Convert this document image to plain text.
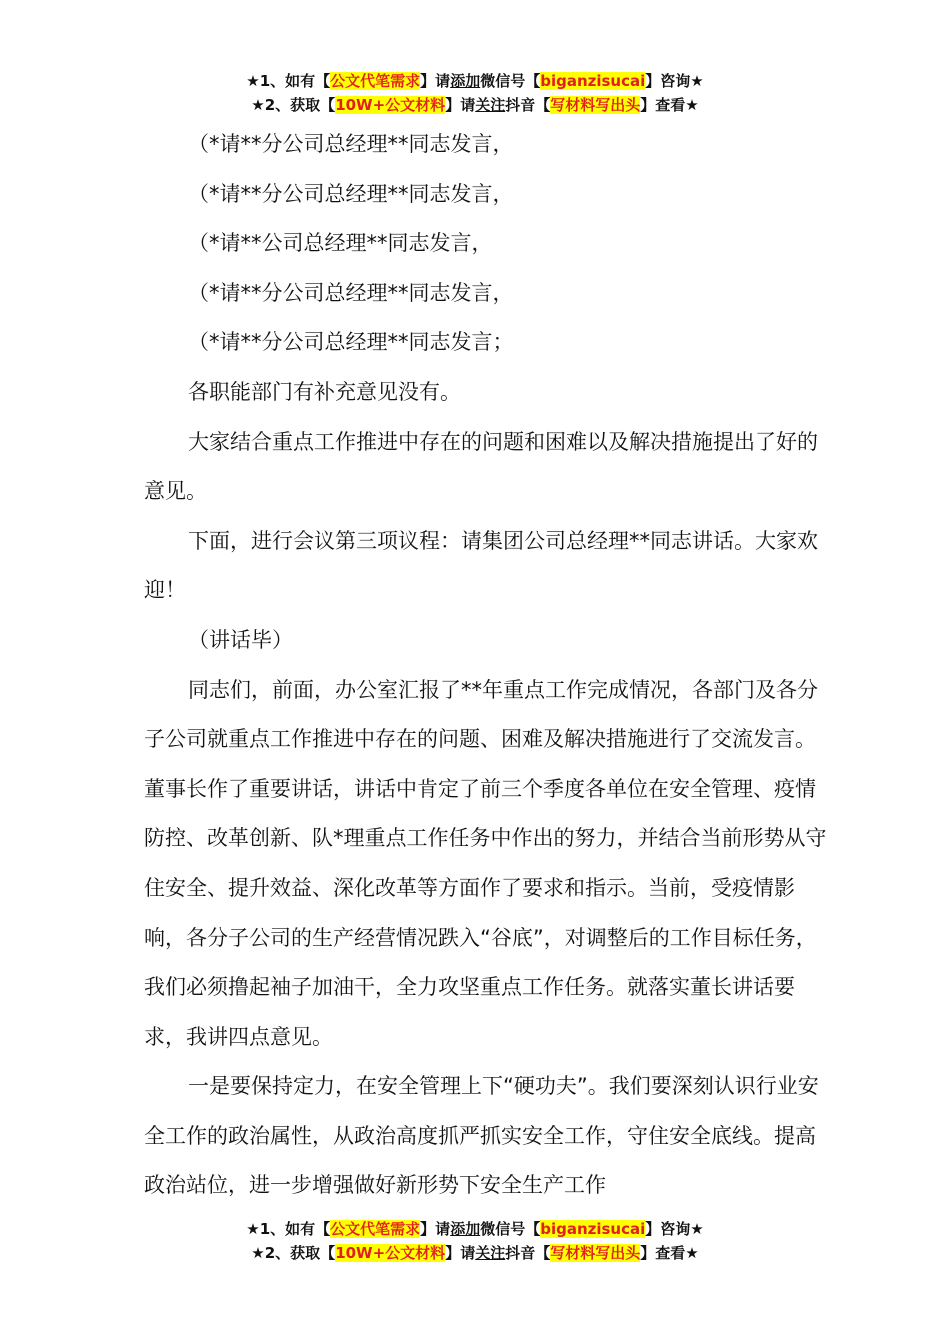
★1、如有【公文代笔需求】请添加微信号【biganzisucai】咨询★
★2、获取【10W+公文材料】请关注抖音【写材料写出头】查看★

（*请**分公司总经理**同志发言，

（*请**分公司总经理**同志发言，

（*请**公司总经理**同志发言，

（*请**分公司总经理**同志发言，

（*请**分公司总经理**同志发言；

各职能部门有补充意见没有。

大家结合重点工作推进中存在的问题和困难以及解决措施提出了好的意见。

下面，进行会议第三项议程：请集团公司总经理**同志讲话。大家欢迎！

（讲话毕）

同志们，前面，办公室汇报了**年重点工作完成情况，各部门及各分子公司就重点工作推进中存在的问题、困难及解决措施进行了交流发言。董事长作了重要讲话，讲话中肯定了前三个季度各单位在安全管理、疫情防控、改革创新、队*理重点工作任务中作出的努力，并结合当前形势从守住安全、提升效益、深化改革等方面作了要求和指示。当前，受疫情影响，各分子公司的生产经营情况跌入“谷底”，对调整后的工作目标任务，我们必须撸起袖子加油干，全力攻坚重点工作任务。就落实董长讲话要求，我讲四点意见。

一是要保持定力，在安全管理上下“硬功夫”。我们要深刻认识行业安全工作的政治属性，从政治高度抓严抓实安全工作，守住安全底线。提高政治站位，进一步增强做好新形势下安全生产工作

★1、如有【公文代笔需求】请添加微信号【biganzisucai】咨询★
★2、获取【10W+公文材料】请关注抖音【写材料写出头】查看★
